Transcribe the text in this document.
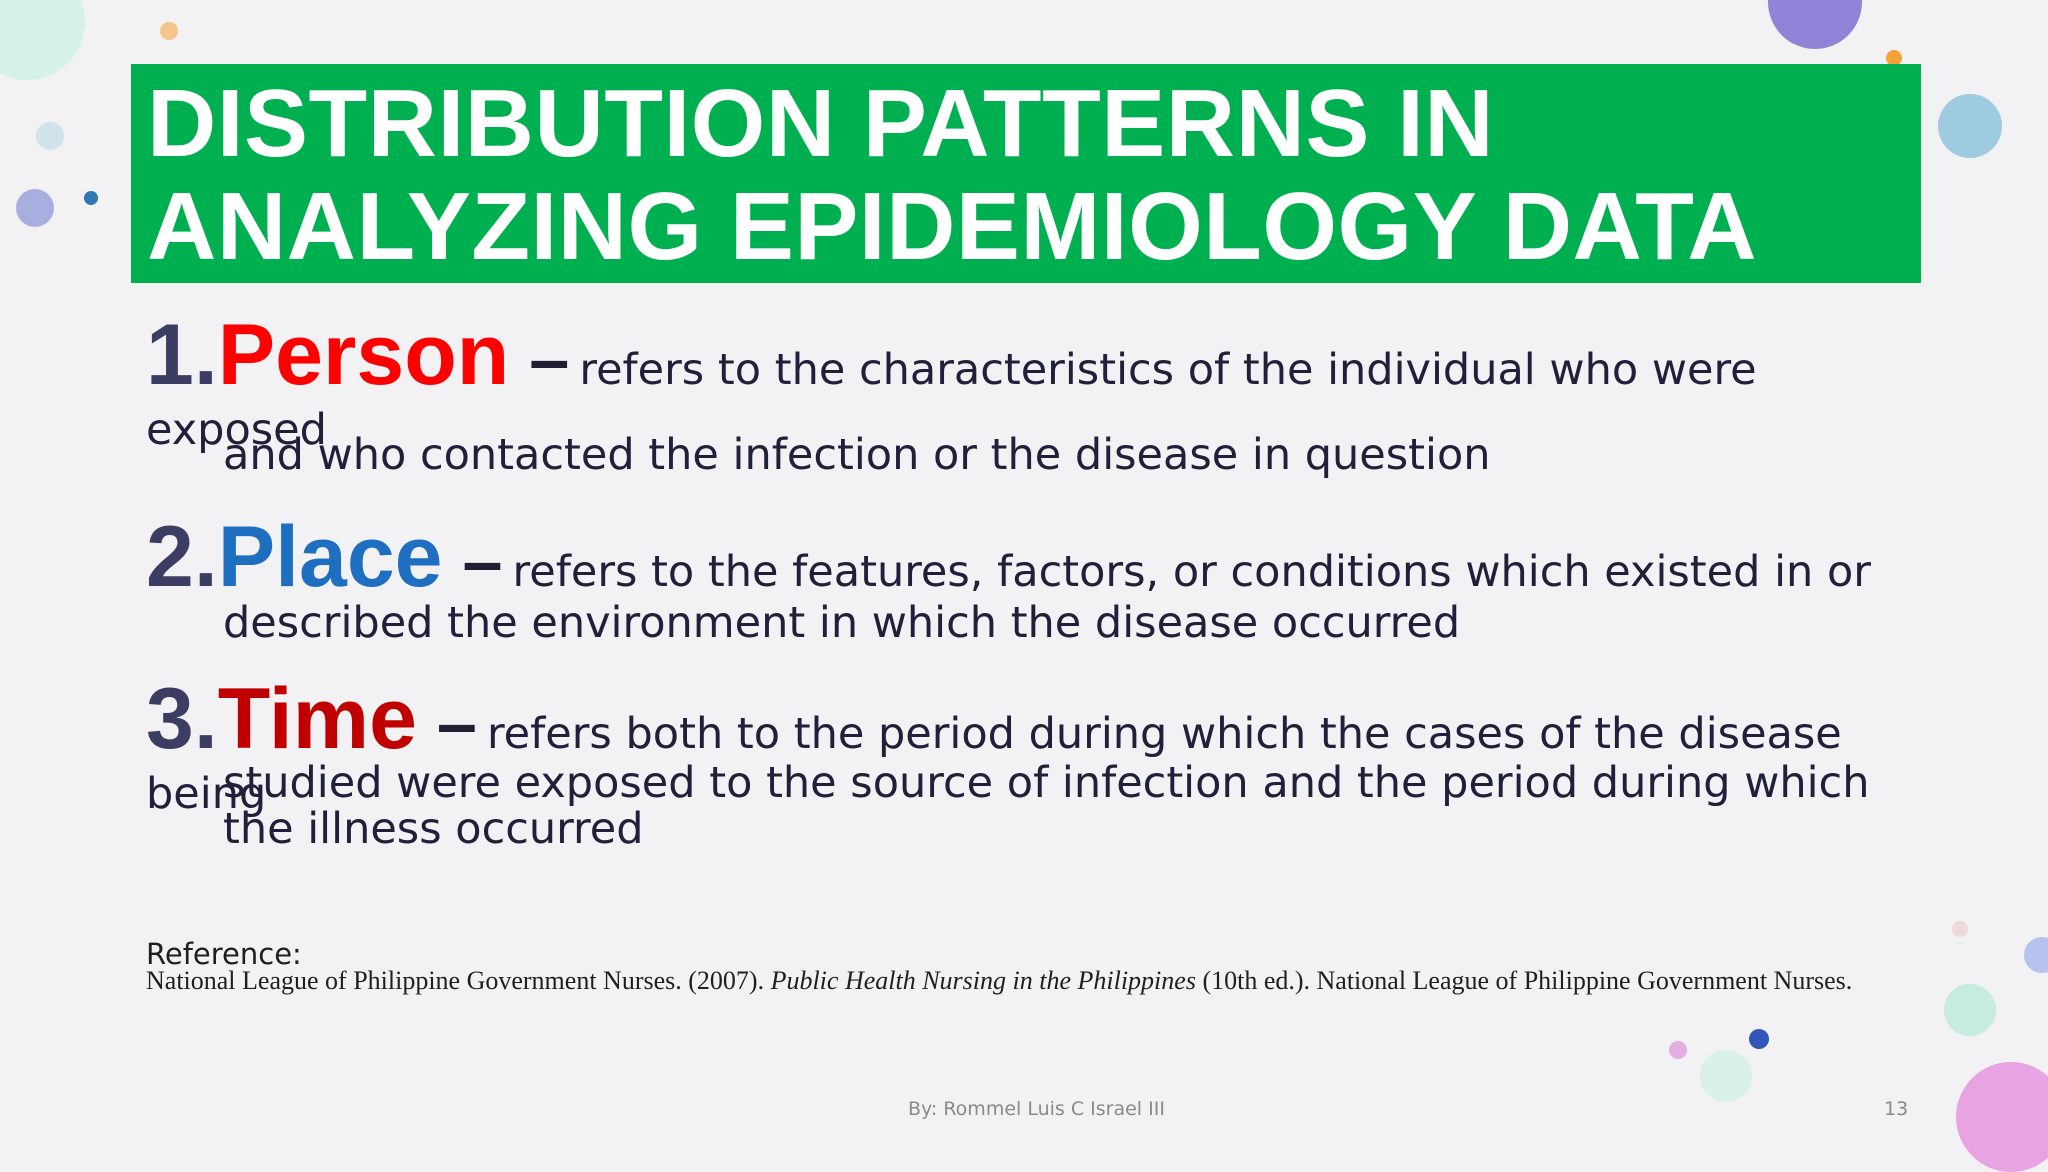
DISTRIBUTION PATTERNS IN
ANALYZING EPIDEMIOLOGY DATA
1.Person – refers to the characteristics of the individual who were exposed
and who contacted the infection or the disease in question
2.Place – refers to the features, factors, or conditions which existed in or
described the environment in which the disease occurred
3.Time – refers both to the period during which the cases of the disease being
studied were exposed to the source of infection and the period during which the illness occurred
Reference:
National League of Philippine Government Nurses. (2007). Public Health Nursing in the Philippines (10th ed.). National League of Philippine Government Nurses.
By: Rommel Luis C Israel III	13
